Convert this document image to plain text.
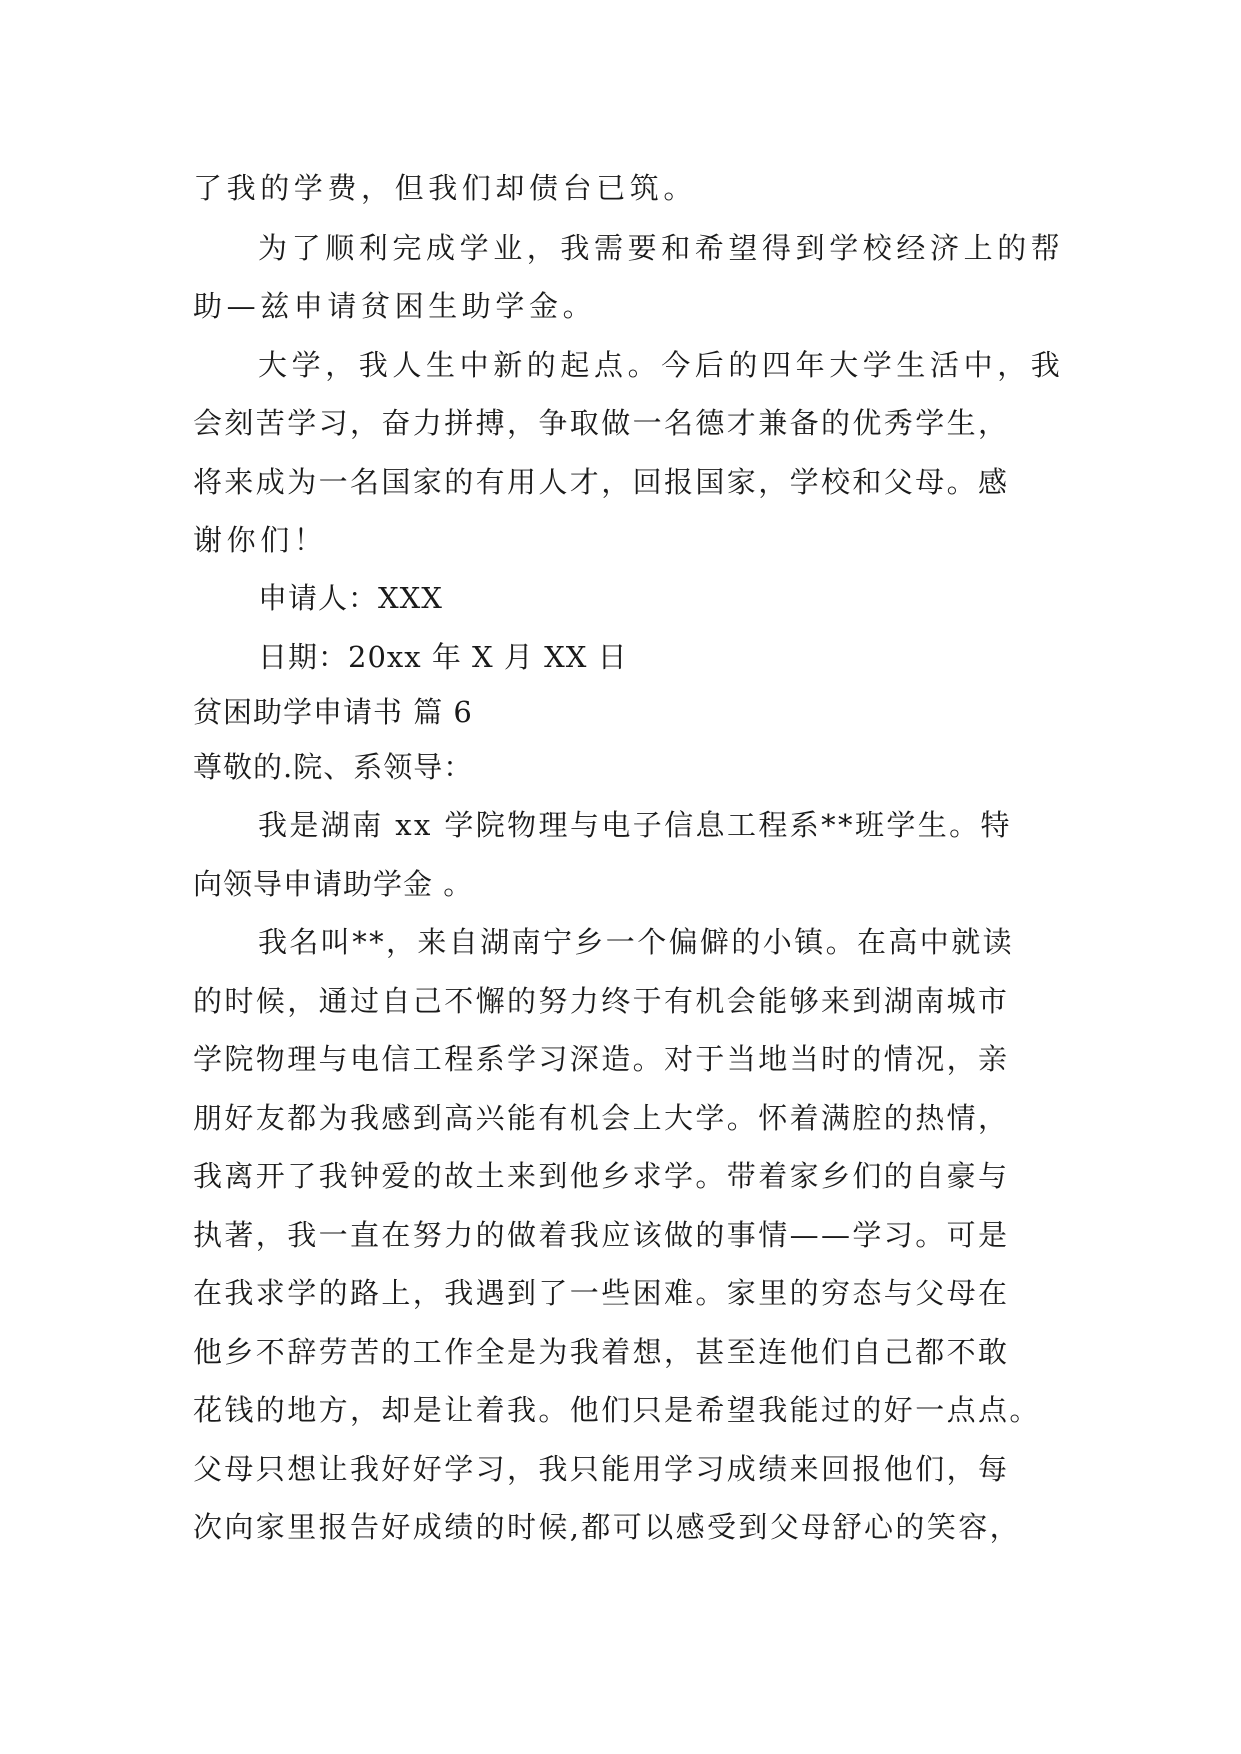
了我的学费，但我们却债台已筑。
为了顺利完成学业，我需要和希望得到学校经济上的帮
助—兹申请贫困生助学金。
大学，我人生中新的起点。今后的四年大学生活中，我
会刻苦学习，奋力拼搏，争取做一名德才兼备的优秀学生，
将来成为一名国家的有用人才，回报国家，学校和父母。感
谢你们！
申请人：XXX
日期：20xx 年 X 月 XX 日
贫困助学申请书 篇 6
尊敬的.院、系领导：
我是湖南 xx 学院物理与电子信息工程系**班学生。特
向领导申请助学金 。
我名叫**，来自湖南宁乡一个偏僻的小镇。在高中就读
的时候，通过自己不懈的努力终于有机会能够来到湖南城市
学院物理与电信工程系学习深造。对于当地当时的情况，亲
朋好友都为我感到高兴能有机会上大学。怀着满腔的热情，
我离开了我钟爱的故土来到他乡求学。带着家乡们的自豪与
执著，我一直在努力的做着我应该做的事情——学习。可是
在我求学的路上，我遇到了一些困难。家里的穷态与父母在
他乡不辞劳苦的工作全是为我着想，甚至连他们自己都不敢
花钱的地方，却是让着我。他们只是希望我能过的好一点点。
父母只想让我好好学习，我只能用学习成绩来回报他们，每
次向家里报告好成绩的时候,都可以感受到父母舒心的笑容，
